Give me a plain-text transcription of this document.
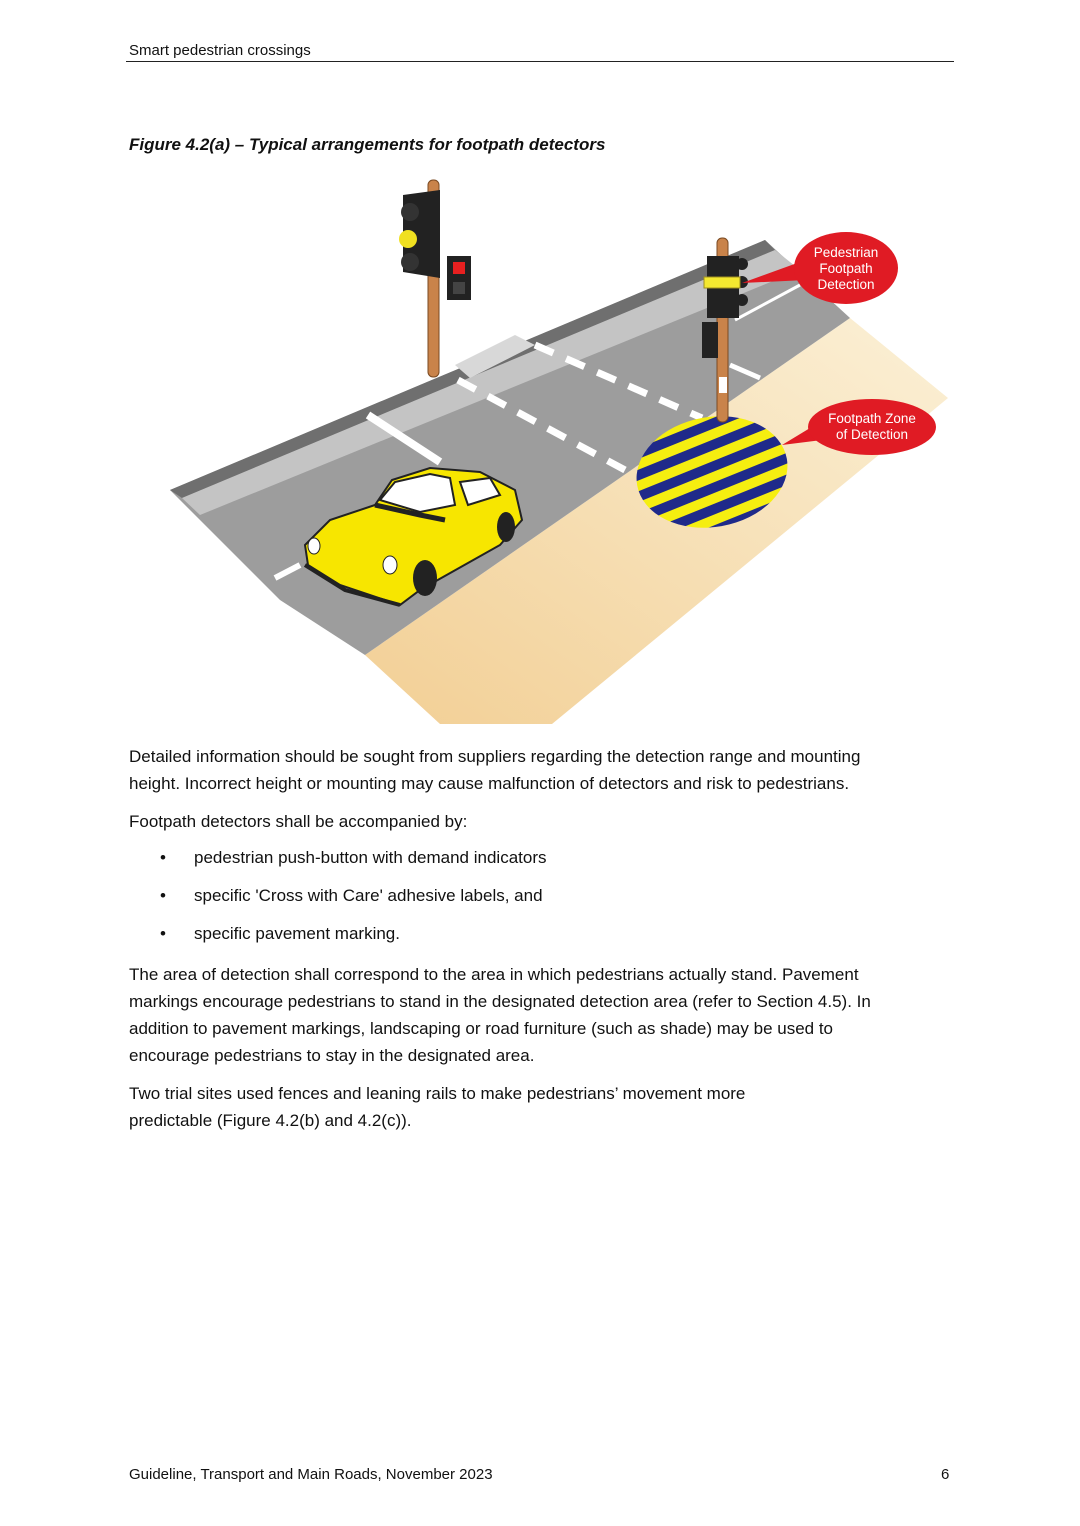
Smart pedestrian crossings
Figure 4.2(a) – Typical arrangements for footpath detectors
Pedestrian
Footpath
Detection
Footpath Zone
of Detection
Detailed information should be sought from suppliers regarding the detection range and mounting
height. Incorrect height or mounting may cause malfunction of detectors and risk to pedestrians.
Footpath detectors shall be accompanied by:
• pedestrian push-button with demand indicators
• specific 'Cross with Care' adhesive labels, and
• specific pavement marking.
The area of detection shall correspond to the area in which pedestrians actually stand. Pavement
markings encourage pedestrians to stand in the designated detection area (refer to Section 4.5). In
addition to pavement markings, landscaping or road furniture (such as shade) may be used to
encourage pedestrians to stay in the designated area.
Two trial sites used fences and leaning rails to make pedestrians’ movement more
predictable (Figure 4.2(b) and 4.2(c)).
Guideline, Transport and Main Roads, November 2023	6
